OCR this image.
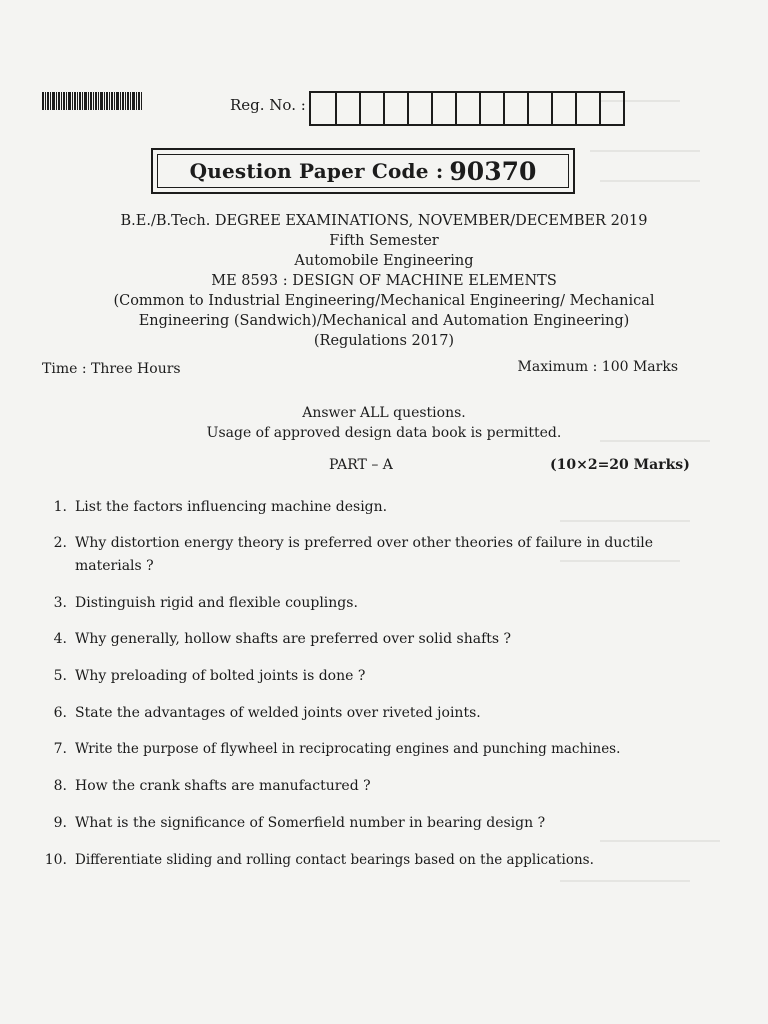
Reg. No. :
Question Paper Code : 90370
B.E./B.Tech. DEGREE EXAMINATIONS, NOVEMBER/DECEMBER 2019
Fifth Semester
Automobile Engineering
ME 8593 : DESIGN OF MACHINE ELEMENTS
(Common to Industrial Engineering/Mechanical Engineering/ Mechanical
Engineering (Sandwich)/Mechanical and Automation Engineering)
(Regulations 2017)
Time : Three Hours	Maximum : 100 Marks
Answer ALL questions.
Usage of approved design data book is permitted.
PART – A	(10×2=20 Marks)
1. List the factors influencing machine design.
2. Why distortion energy theory is preferred over other theories of failure in ductile materials ?
3. Distinguish rigid and flexible couplings.
4. Why generally, hollow shafts are preferred over solid shafts ?
5. Why preloading of bolted joints is done ?
6. State the advantages of welded joints over riveted joints.
7. Write the purpose of flywheel in reciprocating engines and punching machines.
8. How the crank shafts are manufactured ?
9. What is the significance of Somerfield number in bearing design ?
10. Differentiate sliding and rolling contact bearings based on the applications.
